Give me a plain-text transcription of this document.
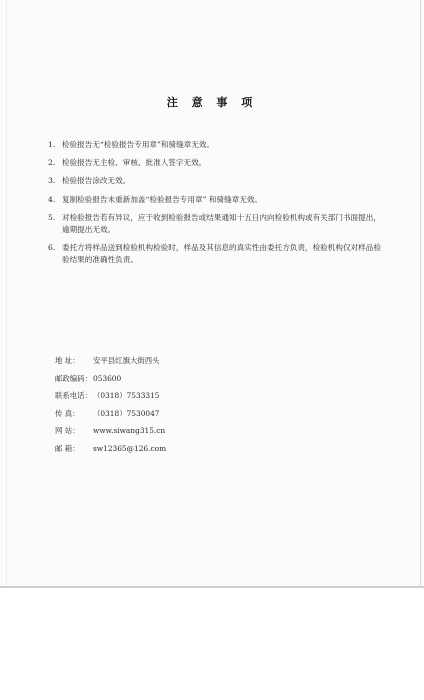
注 意 事 项
1. 检验报告无“检验报告专用章”和骑缝章无效。
2. 检验报告无主检、审核、批准人签字无效。
3. 检验报告涂改无效。
4. 复制检验报告未重新加盖“检验报告专用章” 和骑缝章无效。
5. 对检验报告若有异议，应于收到检验报告或结果通知十五日内向检验机构或有关部门书面提出，逾期提出无效。
6. 委托方将样品送到检验机构检验时，样品及其信息的真实性由委托方负责，检验机构仅对样品检验结果的准确性负责。
地 址： 安平县红旗大街西头
邮政编码：053600
联系电话：（0318）7533315
传 真： （0318）7530047
网 站： www.siwang315.cn
邮 箱： sw12365@126.com
